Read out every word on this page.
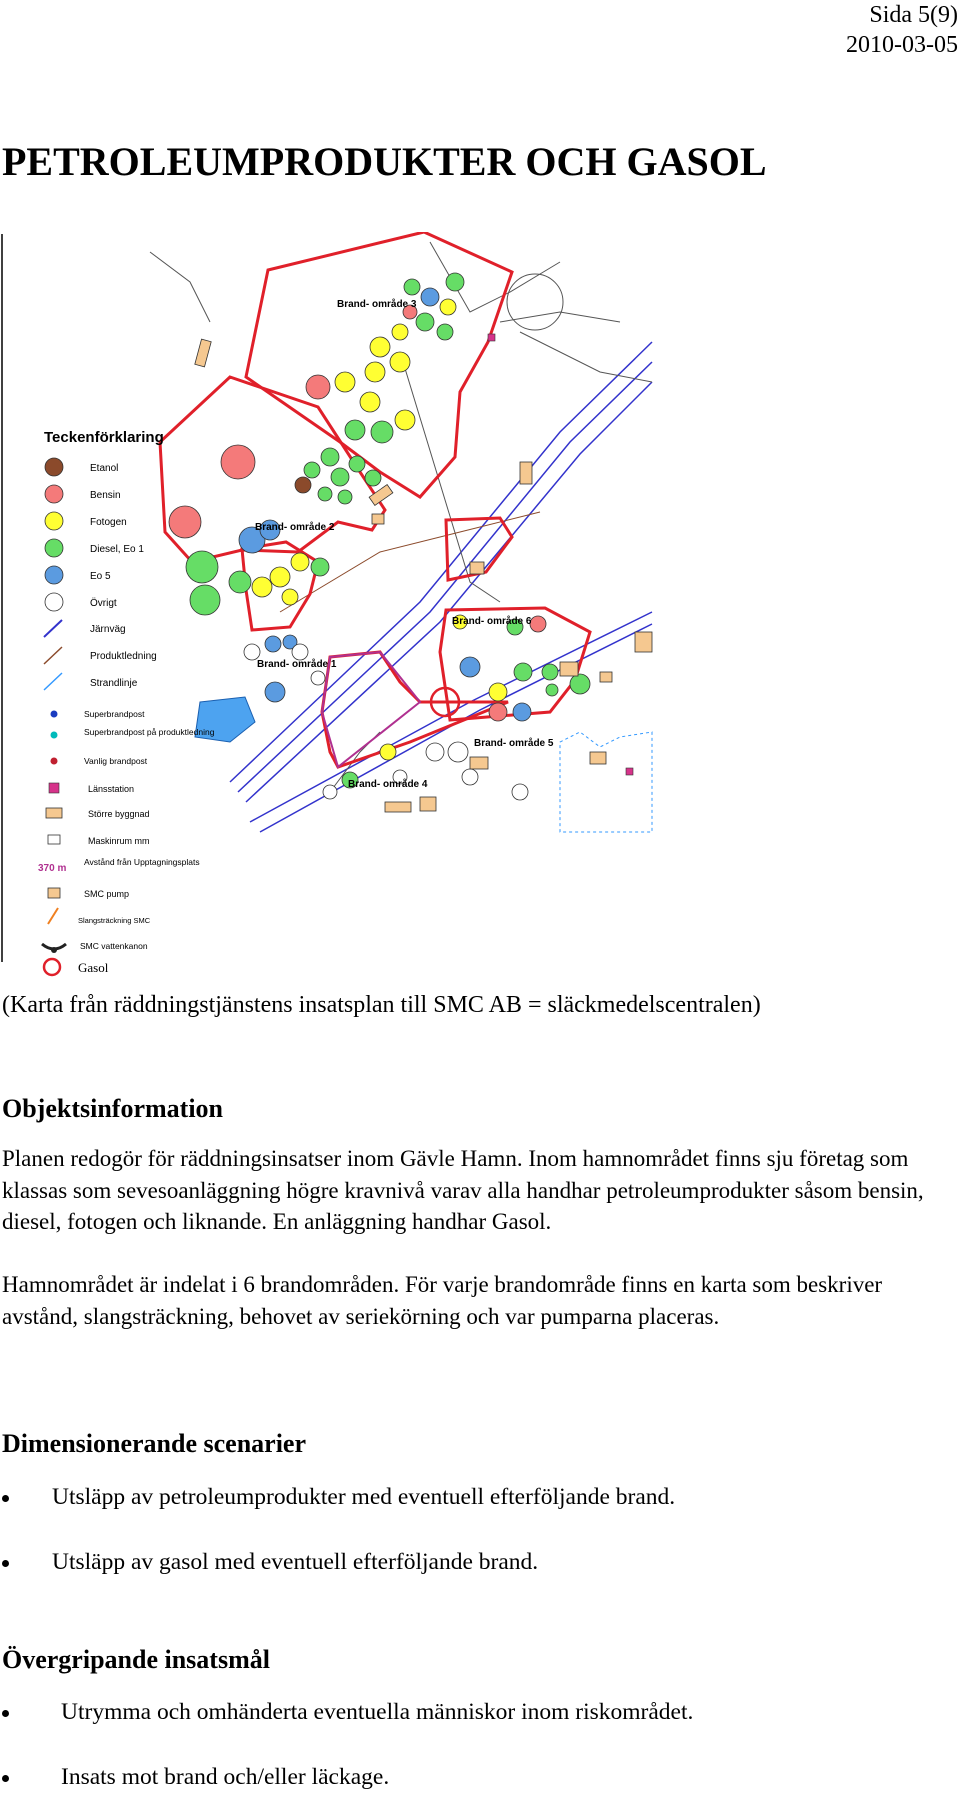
Sida 5(9)
2010-03-05
PETROLEUMPRODUKTER OCH GASOL
Brand- område 3
Brand- område 2
Brand- område 1
Brand- område 6
Brand- område 5
Brand- område 4
Teckenförklaring
Etanol
Bensin
Fotogen
Diesel, Eo 1
Eo 5
Övrigt
Järnväg
Produktledning
Strandlinje
Superbrandpost
Superbrandpost på produktledning
Vanlig brandpost
Länsstation
Större byggnad
Maskinrum mm
370 m
Avstånd från Upptagningsplats
SMC pump
Slangsträckning SMC
SMC vattenkanon
Gasol
(Karta från räddningstjänstens insatsplan till SMC AB = släckmedelscentralen)
Objektsinformation

Planen redogör för räddningsinsatser inom Gävle Hamn. Inom hamnområdet finns sju företag som klassas som sevesoanläggning högre kravnivå varav alla handhar petroleumprodukter såsom bensin, diesel, fotogen och liknande. En anläggning handhar Gasol.

Hamnområdet är indelat i 6 brandområden. För varje brandområde finns en karta som beskriver avstånd, slangsträckning, behovet av seriekörning och var pumparna placeras.

Dimensionerande scenarier
Utsläpp av petroleumprodukter med eventuell efterföljande brand.
Utsläpp av gasol med eventuell efterföljande brand.
Övergripande insatsmål
Utrymma och omhänderta eventuella människor inom riskområdet.
Insats mot brand och/eller läckage.
